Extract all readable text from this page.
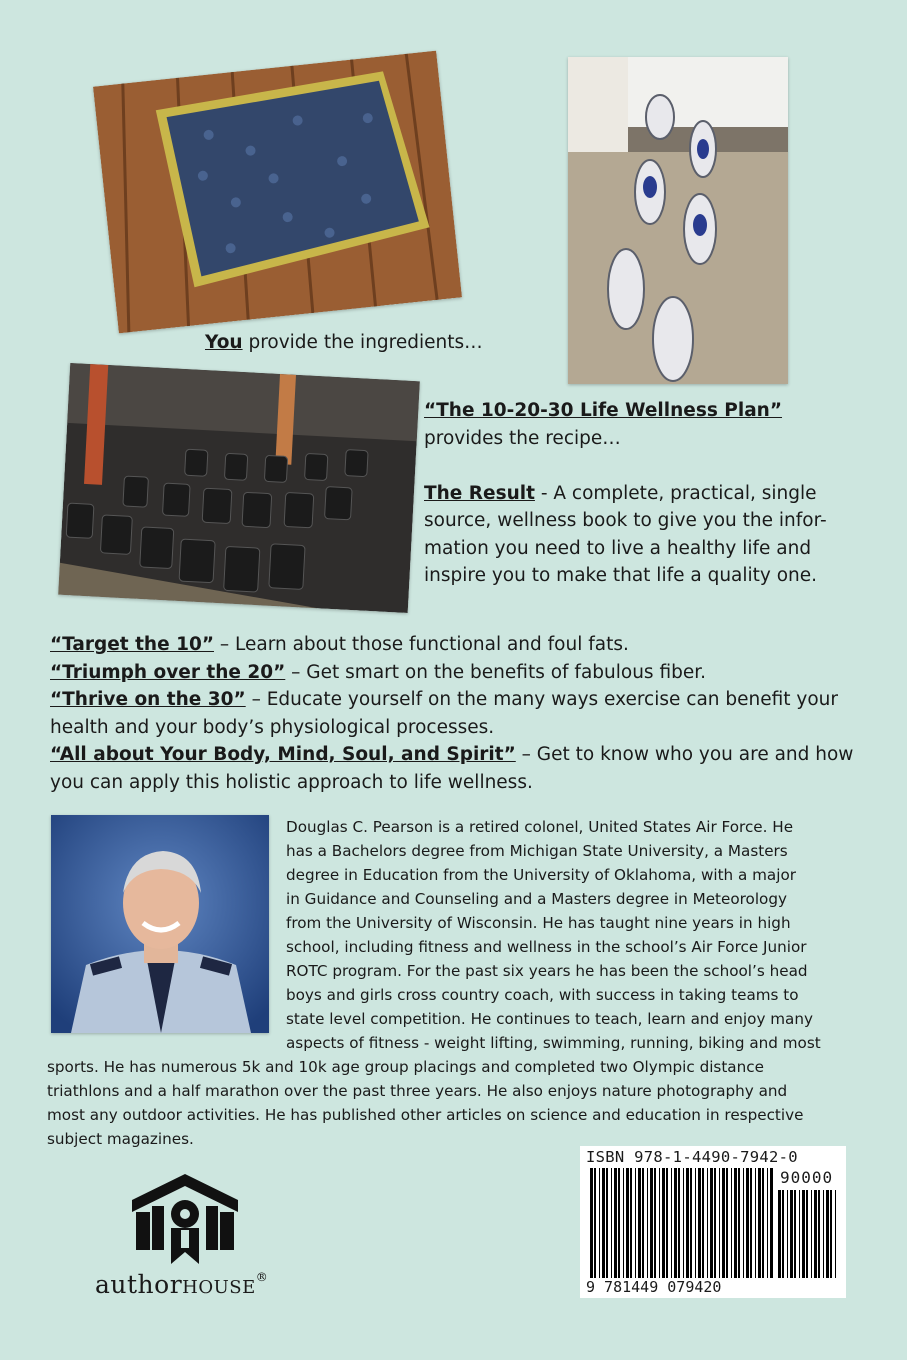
You provide the ingredients…
“The 10-20-30 Life Wellness Plan”
provides the recipe…
The Result - A complete, practical, single
source, wellness book to give you the infor-
mation you need to live a healthy life and
inspire you to make that life a quality one.
“Target the 10” – Learn about those functional and foul fats.
“Triumph over the 20” – Get smart on the benefits of fabulous fiber.
“Thrive on the 30” – Educate yourself on the many ways exercise can benefit your
health and your body’s physiological processes.
“All about Your Body, Mind, Soul, and Spirit” – Get to know who you are and how
you can apply this holistic approach to life wellness.
Douglas C. Pearson is a retired colonel, United States Air Force. He
has a Bachelors degree from Michigan State University, a Masters
degree in Education from the University of Oklahoma, with a major
in Guidance and Counseling and a Masters degree in Meteorology
from the University of Wisconsin. He has taught nine years in high
school, including fitness and wellness in the school’s Air Force Junior
ROTC program. For the past six years he has been the school’s head
boys and girls cross country coach, with success in taking teams to
state level competition. He continues to teach, learn and enjoy many
aspects of fitness - weight lifting, swimming, running, biking and most
sports. He has numerous 5k and 10k age group placings and completed two Olympic distance
triathlons and a half marathon over the past three years. He also enjoys nature photography and
most any outdoor activities. He has published other articles on science and education in respective
subject magazines.
authorHOUSE®
ISBN 978-1-4490-7942-0
90000
9 781449 079420
